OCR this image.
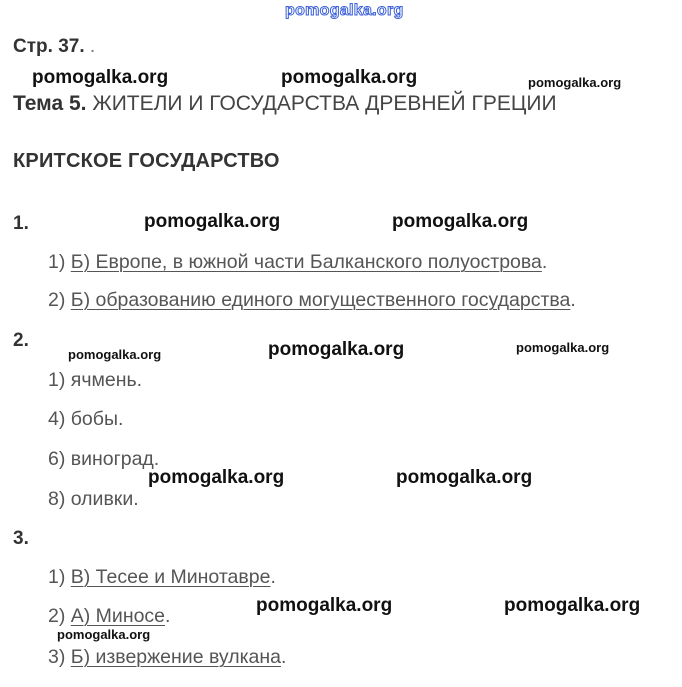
pomogalka.org
Стр. 37. .
Тема 5. ЖИТЕЛИ И ГОСУДАРСТВА ДРЕВНЕЙ ГРЕЦИИ
КРИТСКОЕ ГОСУДАРСТВО
1.
1) Б) Европе, в южной части Балканского полуострова.
2) Б) образованию единого могущественного государства.
2.
1) ячмень.
4) бобы.
6) виноград.
8) оливки.
3.
1) В) Тесее и Минотавре.
2) А) Миносе.
3) Б) извержение вулкана.
pomogalka.org	pomogalka.org	pomogalka.org
pomogalka.org	pomogalka.org
pomogalka.org	pomogalka.org	pomogalka.org
pomogalka.org	pomogalka.org
pomogalka.org	pomogalka.org
pomogalka.org
